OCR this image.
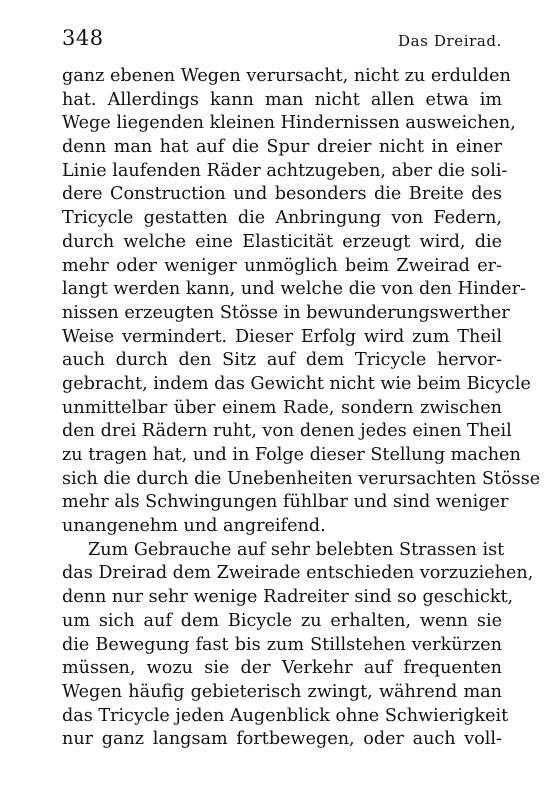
348	Das Dreirad.
ganz ebenen Wegen verursacht, nicht zu erdulden
hat. Allerdings kann man nicht allen etwa im
Wege liegenden kleinen Hindernissen ausweichen,
denn man hat auf die Spur dreier nicht in einer
Linie laufenden Räder achtzugeben, aber die soli-
dere Construction und besonders die Breite des
Tricycle gestatten die Anbringung von Federn,
durch welche eine Elasticität erzeugt wird, die
mehr oder weniger unmöglich beim Zweirad er-
langt werden kann, und welche die von den Hinder-
nissen erzeugten Stösse in bewunderungswerther
Weise vermindert. Dieser Erfolg wird zum Theil
auch durch den Sitz auf dem Tricycle hervor-
gebracht, indem das Gewicht nicht wie beim Bicycle
unmittelbar über einem Rade, sondern zwischen
den drei Rädern ruht, von denen jedes einen Theil
zu tragen hat, und in Folge dieser Stellung machen
sich die durch die Unebenheiten verursachten Stösse
mehr als Schwingungen fühlbar und sind weniger
unangenehm und angreifend.
Zum Gebrauche auf sehr belebten Strassen ist
das Dreirad dem Zweirade entschieden vorzuziehen,
denn nur sehr wenige Radreiter sind so geschickt,
um sich auf dem Bicycle zu erhalten, wenn sie
die Bewegung fast bis zum Stillstehen verkürzen
müssen, wozu sie der Verkehr auf frequenten
Wegen häufig gebieterisch zwingt, während man
das Tricycle jeden Augenblick ohne Schwierigkeit
nur ganz langsam fortbewegen, oder auch voll-
